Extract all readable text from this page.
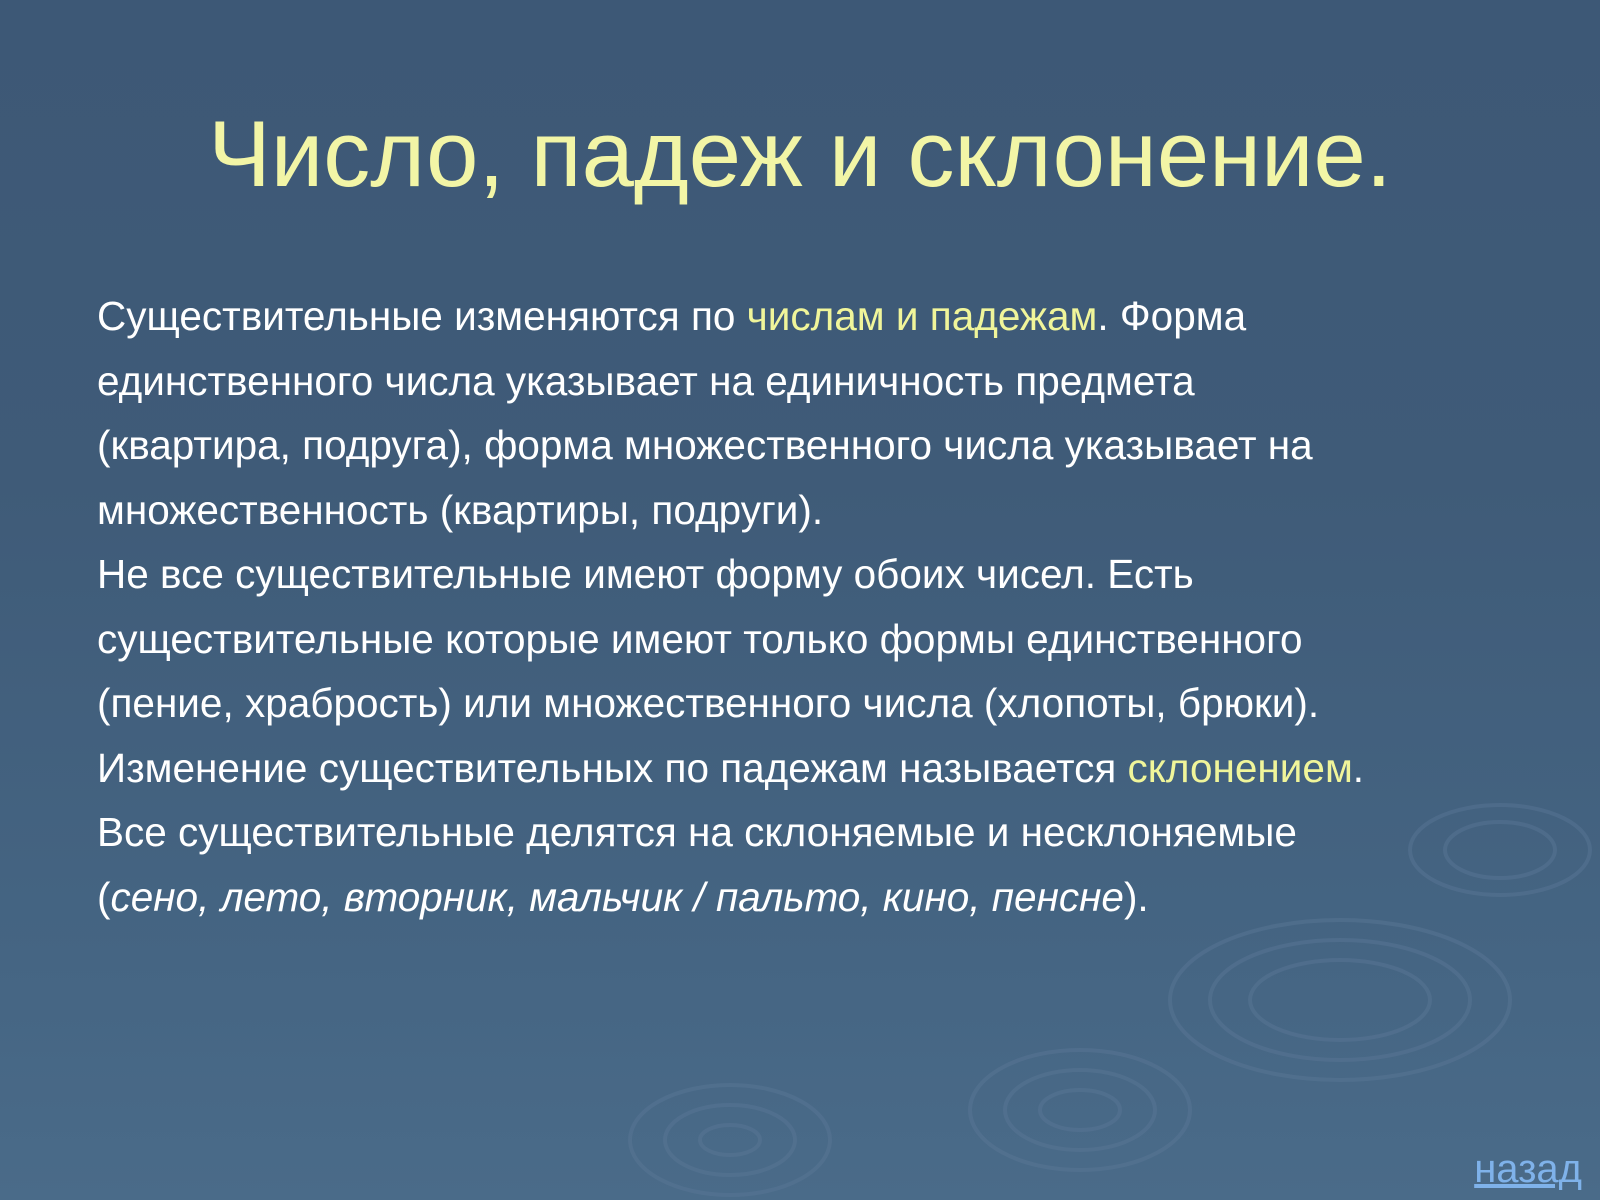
Число, падеж и склонение.
Существительные изменяются по числам и падежам. Форма
единственного числа указывает на единичность предмета
(квартира, подруга), форма множественного числа указывает на
множественность (квартиры, подруги).
Не все существительные имеют форму обоих чисел. Есть
существительные которые имеют только формы единственного
(пение, храбрость) или множественного числа (хлопоты, брюки).
Изменение существительных по падежам называется склонением.
Все существительные делятся на склоняемые и несклоняемые
(сено, лето, вторник, мальчик / пальто, кино, пенсне).
назад
